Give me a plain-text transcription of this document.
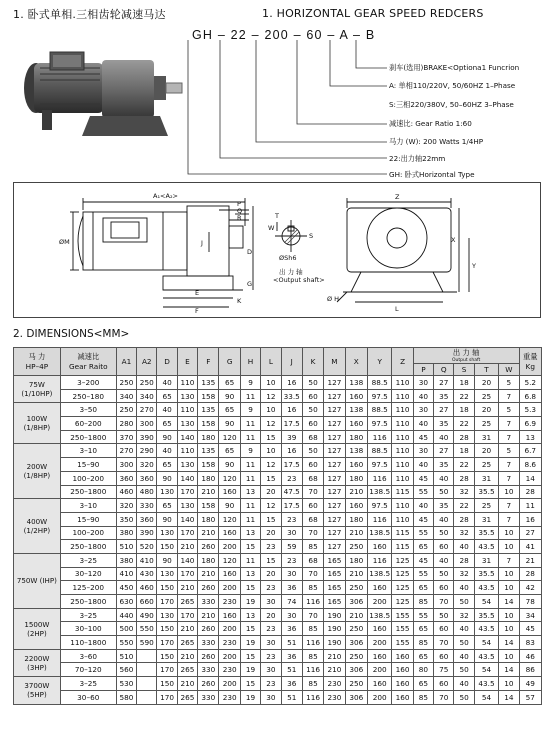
1. 卧式单相.三相齿轮减速马达	1. HORIZONTAL GEAR SPEED REDCERS
GH – 22 – 200 – 60 – A – B
刹车(选用)BRAKE<Optiona1 Funcrion
A: 单相110/220V, 50/60HZ 1–Phase
S:三相220/380V, 50–60HZ 3–Phase
减速比: Gear Ratio 1:60
马力 (W): 200 Watts 1/4HP
22:出力轴22mm
GH: 卧式Horizontal Type
A₁<A₂>
ØM
P
Q
R
J
D
G
K
E
F
T
W
S
ØSh6
出 力 轴
<Output shaft>
Z
X
Y
L
Ø H
2. DIMENSIONS<MM>
马 力
HP–4P	减速比
Gear Raito	A1	A2	D	E	F	G	H	L	J	K	M	X	Y	Z	出 力 轴
Output shaft					重量
Kg
																P	Q	S	T	W	
75W (1/10HP)	3–200	250	250	40	110	135	65	9	10	16	50	127	138	88.5	110	30	27	18	20	5	5.2
	250–180	340	340	65	130	158	90	11	12	33.5	60	127	160	97.5	110	40	35	22	25	7	6.8
100W (1/8HP)	3–50	250	270	40	110	135	65	9	10	16	50	127	138	88.5	110	30	27	18	20	5	5.3
	60–200	280	300	65	130	158	90	11	12	17.5	60	127	160	97.5	110	40	35	22	25	7	6.9
	250–1800	370	390	90	140	180	120	11	15	39	68	127	180	116	110	45	40	28	31	7	13
200W (1/8HP)	3–10	270	290	40	110	135	65	9	10	16	50	127	138	88.5	110	30	27	18	20	5	6.7
	15–90	300	320	65	130	158	90	11	12	17.5	60	127	160	97.5	110	40	35	22	25	7	8.6
	100–200	360	360	90	140	180	120	11	15	23	68	127	180	116	110	45	40	28	31	7	14
	250–1800	460	480	130	170	210	160	13	20	47.5	70	127	210	138.5	115	55	50	32	35.5	10	28
400W (1/2HP)	3–10	320	330	65	130	158	90	11	12	17.5	60	127	160	97.5	110	40	35	22	25	7	11
	15–90	350	360	90	140	180	120	11	15	23	68	127	180	116	110	45	40	28	31	7	16
	100–200	380	390	130	170	210	160	13	20	30	70	127	210	138.5	115	55	50	32	35.5	10	27
	250–1800	510	520	150	210	260	200	15	23	59	85	127	250	160	115	65	60	40	43.5	10	41
750W (IHP)	3–25	380	410	90	140	180	120	11	15	23	68	165	180	116	125	45	40	28	31	7	21
	30–120	410	430	130	170	210	160	13	20	30	70	165	210	138.5	125	55	50	32	35.5	10	28
	125–200	450	460	150	210	260	200	15	23	36	85	165	250	160	125	65	60	40	43.5	10	42
	250–1800	630	660	170	265	330	230	19	30	74	116	165	306	200	125	85	70	50	54	14	78
1500W (2HP)	3–25	440	490	130	170	210	160	13	20	30	70	190	210	138.5	155	55	50	32	35.5	10	34
	30–100	500	550	150	210	260	200	15	23	36	85	190	250	160	155	65	60	40	43.5	10	45
	110–1800	550	590	170	265	330	230	19	30	51	116	190	306	200	155	85	70	50	54	14	83
2200W (3HP)	3–60	510		150	210	260	200	15	23	36	85	210	250	160	160	65	60	40	43.5	10	46
	70–120	560		170	265	330	230	19	30	51	116	210	306	200	160	80	75	50	54	14	86
3700W (5HP)	3–25	530		150	210	260	200	15	23	36	85	230	250	160	160	65	60	40	43.5	10	49
	30–60	580		170	265	330	230	19	30	51	116	230	306	200	160	85	70	50	54	14	57
